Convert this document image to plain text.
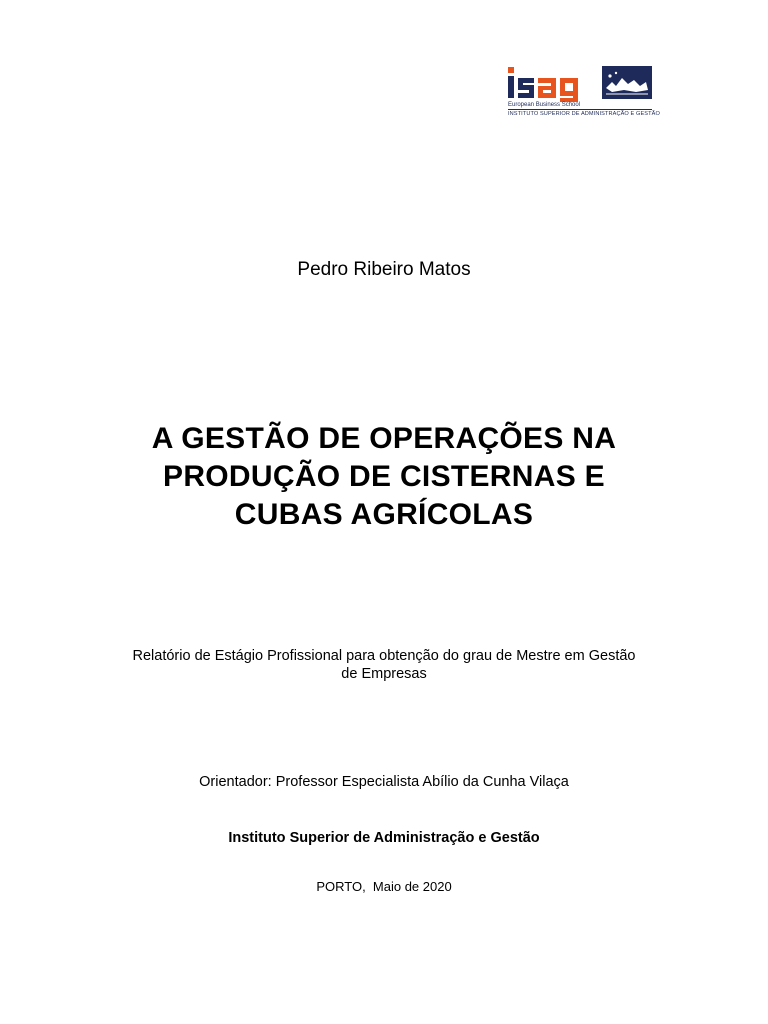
European Business School
INSTITUTO SUPERIOR DE ADMINISTRAÇÃO E GESTÃO
Pedro Ribeiro Matos
A GESTÃO DE OPERAÇÕES NA
PRODUÇÃO DE CISTERNAS E
CUBAS AGRÍCOLAS
Relatório de Estágio Profissional para obtenção do grau de Mestre em Gestão
de Empresas
Orientador: Professor Especialista Abílio da Cunha Vilaça
Instituto Superior de Administração e Gestão
PORTO,  Maio de 2020
